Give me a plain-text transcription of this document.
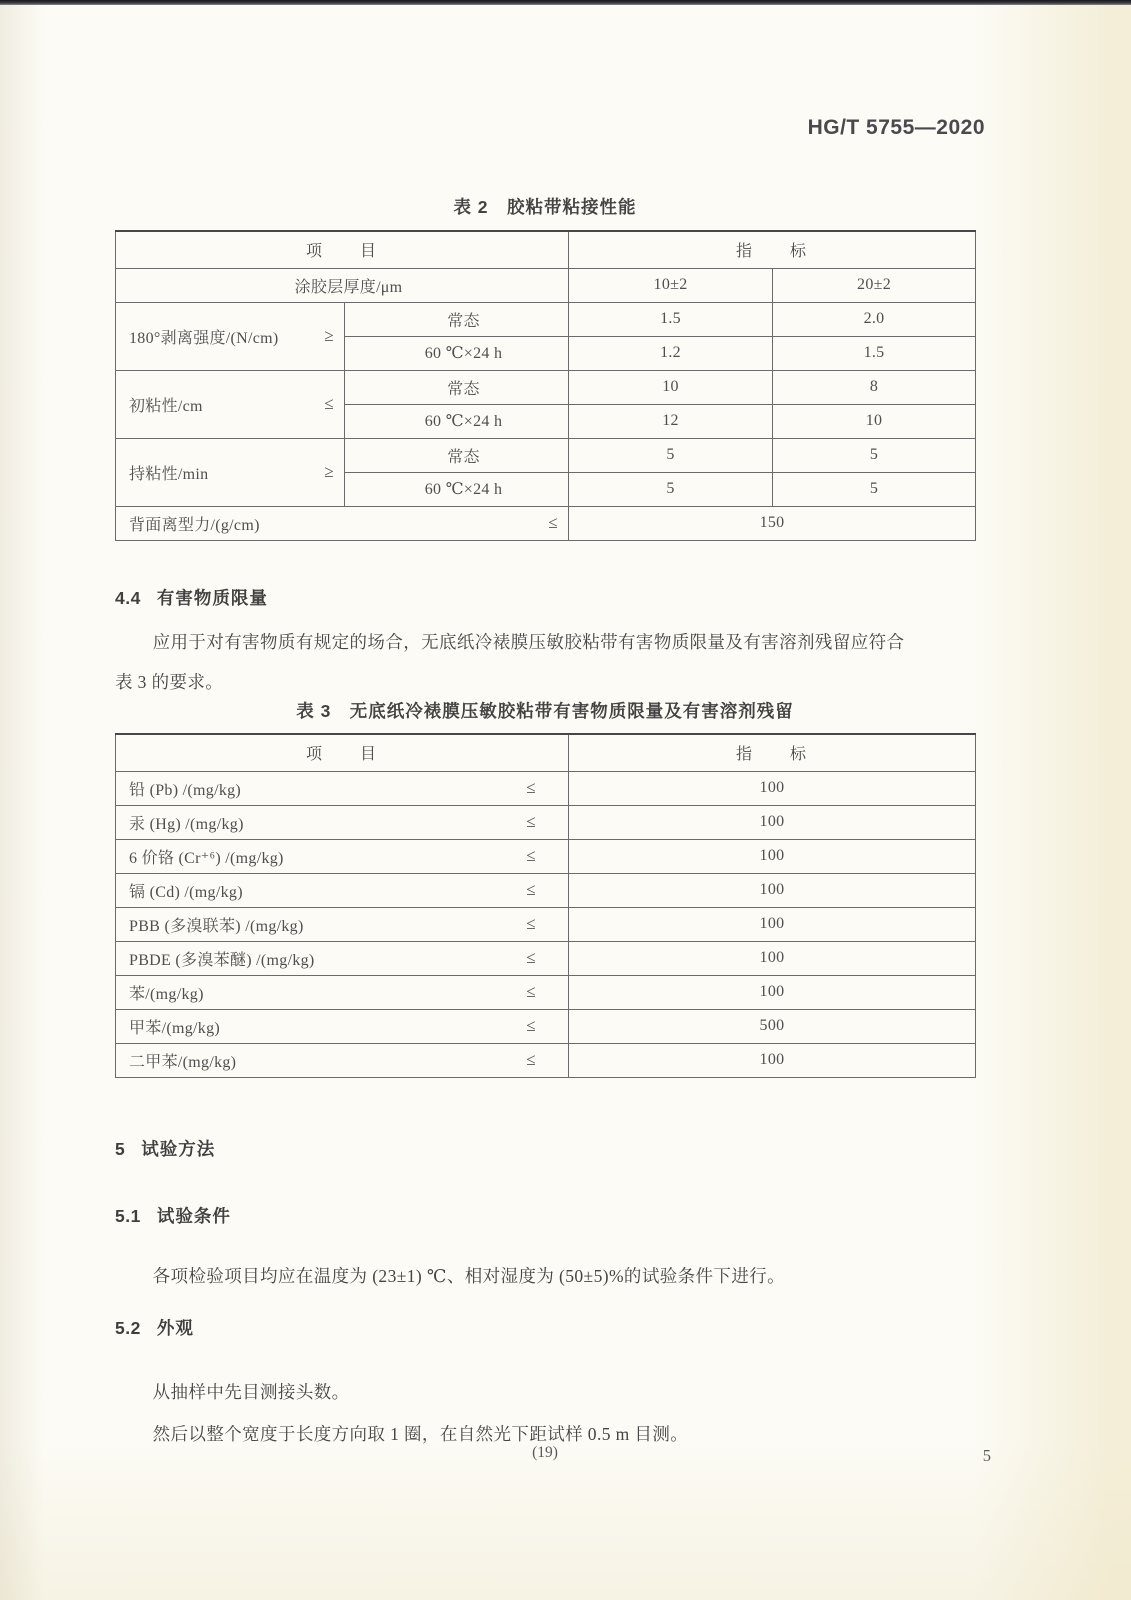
HG/T 5755—2020
表 2　胶粘带粘接性能
项　　目		指　　标	
涂胶层厚度/μm		10±2	20±2

180°剥离强度/(N/cm) ≥	常态	1.5	2.0
	60 ℃×24 h	1.2	1.5

初粘性/cm ≤	常态	10	8
	60 ℃×24 h	12	10

持粘性/min ≥	常态	5	5
	60 ℃×24 h	5	5

背面离型力/(g/cm) ≤		150	
4.4 有害物质限量
应用于对有害物质有规定的场合，无底纸冷裱膜压敏胶粘带有害物质限量及有害溶剂残留应符合
表 3 的要求。
表 3　无底纸冷裱膜压敏胶粘带有害物质限量及有害溶剂残留
项　　目	指　　标

铅 (Pb) /(mg/kg) ≤	100

汞 (Hg) /(mg/kg) ≤	100

6 价铬 (Cr⁺⁶) /(mg/kg) ≤	100

镉 (Cd) /(mg/kg) ≤	100

PBB (多溴联苯) /(mg/kg) ≤	100

PBDE (多溴苯醚) /(mg/kg) ≤	100

苯/(mg/kg) ≤	100

甲苯/(mg/kg) ≤	500

二甲苯/(mg/kg) ≤	100
5 试验方法
5.1 试验条件
各项检验项目均应在温度为 (23±1) ℃、相对湿度为 (50±5)%的试验条件下进行。
5.2 外观
从抽样中先目测接头数。
然后以整个宽度于长度方向取 1 圈，在自然光下距试样 0.5 m 目测。
(19)	5
